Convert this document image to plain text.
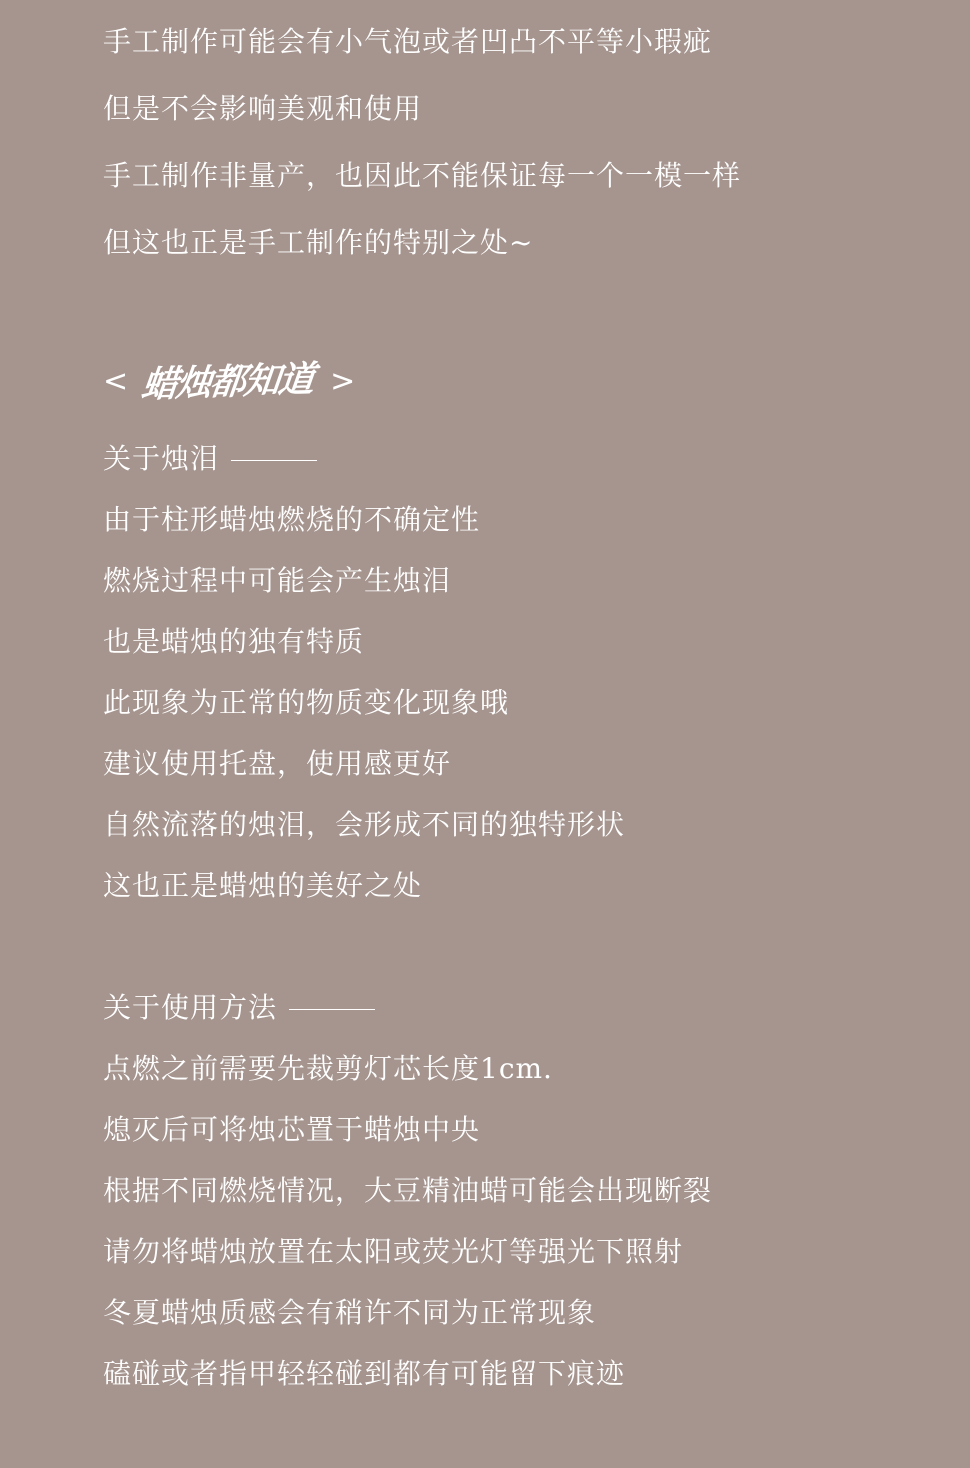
手工制作可能会有小气泡或者凹凸不平等小瑕疵
但是不会影响美观和使用
手工制作非量产，也因此不能保证每一个一模一样
但这也正是手工制作的特别之处~
< 蜡烛都知道 >
关于烛泪
由于柱形蜡烛燃烧的不确定性
燃烧过程中可能会产生烛泪
也是蜡烛的独有特质
此现象为正常的物质变化现象哦
建议使用托盘，使用感更好
自然流落的烛泪，会形成不同的独特形状
这也正是蜡烛的美好之处
关于使用方法
点燃之前需要先裁剪灯芯长度1cm.
熄灭后可将烛芯置于蜡烛中央
根据不同燃烧情况，大豆精油蜡可能会出现断裂
请勿将蜡烛放置在太阳或荧光灯等强光下照射
冬夏蜡烛质感会有稍许不同为正常现象
磕碰或者指甲轻轻碰到都有可能留下痕迹
